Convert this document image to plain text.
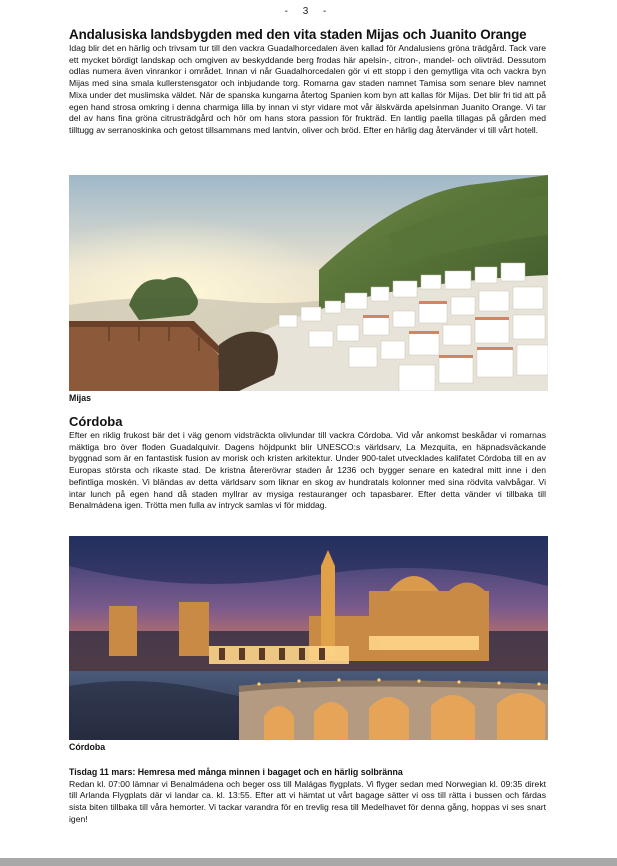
- 3 -
Andalusiska landsbygden med den vita staden Mijas och Juanito Orange

Idag blir det en härlig och trivsam tur till den vackra Guadalhorcedalen även kallad för Andalusiens gröna trädgård. Tack vare ett mycket bördigt landskap och omgiven av beskyddande berg frodas här apelsin-, citron-, mandel- och olivträd. Dessutom odlas numera även vinrankor i området. Innan vi når Guadalhorcedalen gör vi ett stopp i den gemytliga vita och vackra byn Mijas med sina smala kullerstensgator och inbjudande torg. Romarna gav staden namnet Tamisa som senare blev namnet Mixa under det muslimska väldet. När de spanska kungarna återtog Spanien kom byn att kallas för Mijas. Det blir fri tid att på egen hand strosa omkring i denna charmiga lilla by innan vi styr vidare mot vår älskvärda apelsinman Juanito Orange. Vi tar del av hans fina gröna citrusträdgård och hör om hans stora passion för frukträd. En lantlig paella tillagas på gården med tilltugg av serranoskinka och getost tillsammans med lantvin, oliver och bröd. Efter en härlig dag återvänder vi till vårt hotell.

Mijas
Córdoba

Efter en riklig frukost bär det i väg genom vidsträckta olivlundar till vackra Córdoba. Vid vår ankomst beskådar vi romarnas mäktiga bro över floden Guadalquivir. Dagens höjdpunkt blir UNESCO:s världsarv, La Mezquita, en häpnadsväckande byggnad som är en fantastisk fusion av morisk och kristen arkitektur. Under 900-talet utvecklades kalifatet Córdoba till en av Europas största och rikaste stad. De kristna återerövrar staden år 1236 och bygger senare en katedral mitt inne i den befintliga moskén. Vi bländas av detta världsarv som liknar en skog av hundratals kolonner med sina rödvita valvbågar. Vi intar lunch på egen hand då staden myllrar av mysiga restauranger och tapasbarer. Efter detta vänder vi tillbaka till Benalmádena igen. Trötta men fulla av intryck samlas vi för middag.

Córdoba
Tisdag 11 mars: Hemresa med många minnen i bagaget och en härlig solbränna

Redan kl. 07:00 lämnar vi Benalmádena och beger oss till Malágas flygplats. Vi flyger sedan med Norwegian kl. 09:35 direkt till Arlanda Flygplats där vi landar ca. kl. 13:55. Efter att vi hämtat ut vårt bagage sätter vi oss till rätta i bussen och färdas sista biten tillbaka till våra hemorter. Vi tackar varandra för en trevlig resa till Medelhavet för denna gång, hoppas vi ses snart igen!
